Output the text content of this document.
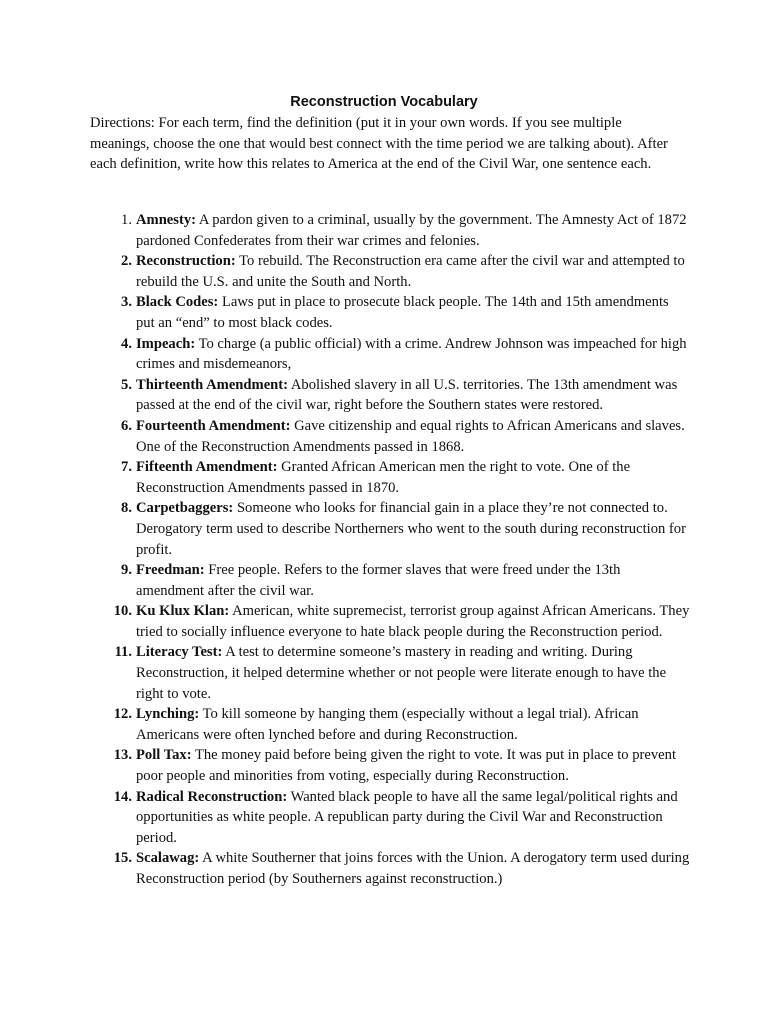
Reconstruction Vocabulary
Directions: For each term, find the definition (put it in your own words. If you see multiple meanings, choose the one that would best connect with the time period we are talking about). After each definition, write how this relates to America at the end of the Civil War, one sentence each.
1. Amnesty: A pardon given to a criminal, usually by the government. The Amnesty Act of 1872 pardoned Confederates from their war crimes and felonies.
2. Reconstruction: To rebuild. The Reconstruction era came after the civil war and attempted to rebuild the U.S. and unite the South and North.
3. Black Codes: Laws put in place to prosecute black people. The 14th and 15th amendments put an “end” to most black codes.
4. Impeach: To charge (a public official) with a crime. Andrew Johnson was impeached for high crimes and misdemeanors,
5. Thirteenth Amendment: Abolished slavery in all U.S. territories. The 13th amendment was passed at the end of the civil war, right before the Southern states were restored.
6. Fourteenth Amendment: Gave citizenship and equal rights to African Americans and slaves. One of the Reconstruction Amendments passed in 1868.
7. Fifteenth Amendment: Granted African American men the right to vote. One of the Reconstruction Amendments passed in 1870.
8. Carpetbaggers: Someone who looks for financial gain in a place they’re not connected to. Derogatory term used to describe Northerners who went to the south during reconstruction for profit.
9. Freedman: Free people. Refers to the former slaves that were freed under the 13th amendment after the civil war.
10. Ku Klux Klan: American, white supremecist, terrorist group against African Americans. They tried to socially influence everyone to hate black people during the Reconstruction period.
11. Literacy Test: A test to determine someone’s mastery in reading and writing. During Reconstruction, it helped determine whether or not people were literate enough to have the right to vote.
12. Lynching: To kill someone by hanging them (especially without a legal trial). African Americans were often lynched before and during Reconstruction.
13. Poll Tax: The money paid before being given the right to vote. It was put in place to prevent poor people and minorities from voting, especially during Reconstruction.
14. Radical Reconstruction: Wanted black people to have all the same legal/political rights and opportunities as white people. A republican party during the Civil War and Reconstruction period.
15. Scalawag: A white Southerner that joins forces with the Union. A derogatory term used during Reconstruction period (by Southerners against reconstruction.)
